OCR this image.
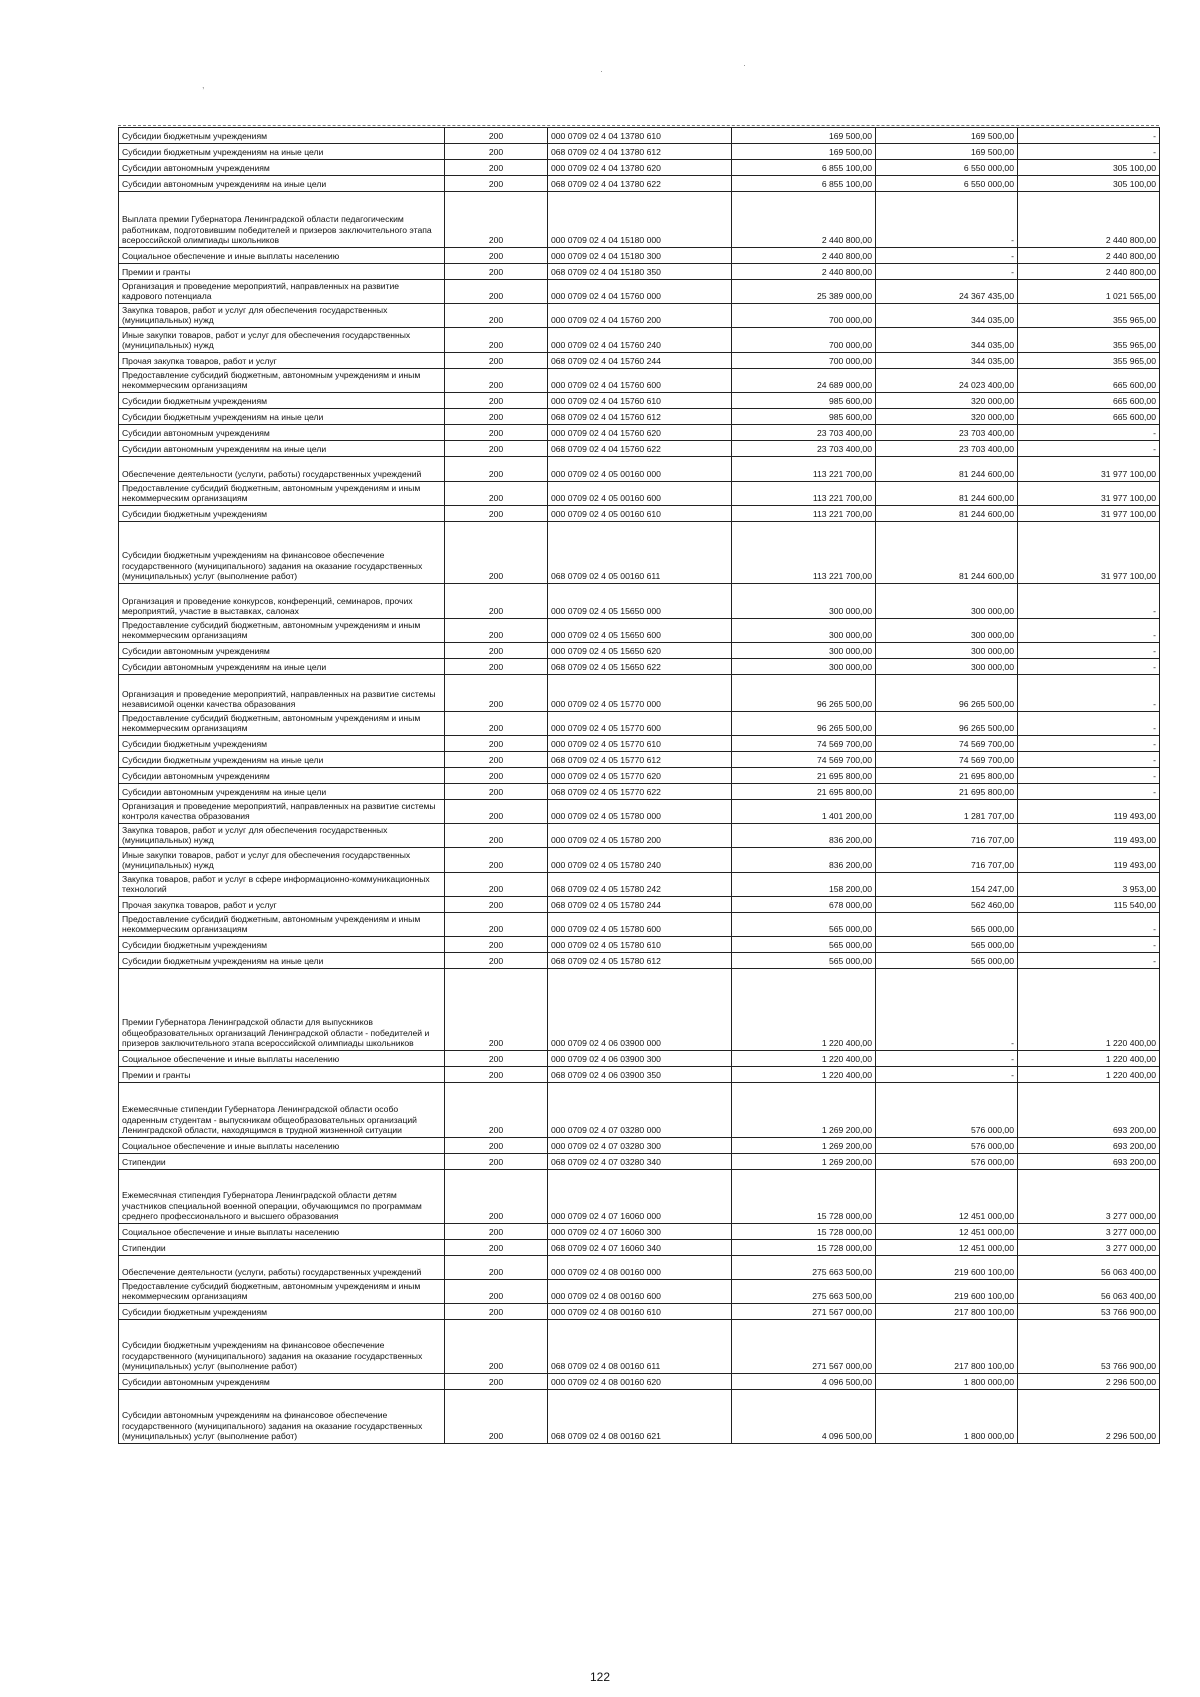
·
·
,
Субсидии бюджетным учреждениям	200	000 0709 02 4 04 13780 610	169 500,00	169 500,00	-
Субсидии бюджетным учреждениям на иные цели	200	068 0709 02 4 04 13780 612	169 500,00	169 500,00	-
Субсидии автономным учреждениям	200	000 0709 02 4 04 13780 620	6 855 100,00	6 550 000,00	305 100,00
Субсидии автономным учреждениям на иные цели	200	068 0709 02 4 04 13780 622	6 855 100,00	6 550 000,00	305 100,00
Выплата премии Губернатора Ленинградской области педагогическим работникам, подготовившим победителей и призеров заключительного этапа всероссийской олимпиады школьников	200	000 0709 02 4 04 15180 000	2 440 800,00	-	2 440 800,00
Социальное обеспечение и иные выплаты населению	200	000 0709 02 4 04 15180 300	2 440 800,00	-	2 440 800,00
Премии и гранты	200	068 0709 02 4 04 15180 350	2 440 800,00	-	2 440 800,00
Организация и проведение мероприятий, направленных на развитие кадрового потенциала	200	000 0709 02 4 04 15760 000	25 389 000,00	24 367 435,00	1 021 565,00
Закупка товаров, работ и услуг для обеспечения государственных (муниципальных) нужд	200	000 0709 02 4 04 15760 200	700 000,00	344 035,00	355 965,00
Иные закупки товаров, работ и услуг для обеспечения государственных (муниципальных) нужд	200	000 0709 02 4 04 15760 240	700 000,00	344 035,00	355 965,00
Прочая закупка товаров, работ и услуг	200	068 0709 02 4 04 15760 244	700 000,00	344 035,00	355 965,00
Предоставление субсидий бюджетным, автономным учреждениям и иным некоммерческим организациям	200	000 0709 02 4 04 15760 600	24 689 000,00	24 023 400,00	665 600,00
Субсидии бюджетным учреждениям	200	000 0709 02 4 04 15760 610	985 600,00	320 000,00	665 600,00
Субсидии бюджетным учреждениям на иные цели	200	068 0709 02 4 04 15760 612	985 600,00	320 000,00	665 600,00
Субсидии автономным учреждениям	200	000 0709 02 4 04 15760 620	23 703 400,00	23 703 400,00	-
Субсидии автономным учреждениям на иные цели	200	068 0709 02 4 04 15760 622	23 703 400,00	23 703 400,00	-
Обеспечение деятельности (услуги, работы) государственных учреждений	200	000 0709 02 4 05 00160 000	113 221 700,00	81 244 600,00	31 977 100,00
Предоставление субсидий бюджетным, автономным учреждениям и иным некоммерческим организациям	200	000 0709 02 4 05 00160 600	113 221 700,00	81 244 600,00	31 977 100,00
Субсидии бюджетным учреждениям	200	000 0709 02 4 05 00160 610	113 221 700,00	81 244 600,00	31 977 100,00
Субсидии бюджетным учреждениям на финансовое обеспечение государственного (муниципального) задания на оказание государственных (муниципальных) услуг (выполнение работ)	200	068 0709 02 4 05 00160 611	113 221 700,00	81 244 600,00	31 977 100,00
Организация и проведение конкурсов, конференций, семинаров, прочих мероприятий, участие в выставках, салонах	200	000 0709 02 4 05 15650 000	300 000,00	300 000,00	-
Предоставление субсидий бюджетным, автономным учреждениям и иным некоммерческим организациям	200	000 0709 02 4 05 15650 600	300 000,00	300 000,00	-
Субсидии автономным учреждениям	200	000 0709 02 4 05 15650 620	300 000,00	300 000,00	-
Субсидии автономным учреждениям на иные цели	200	068 0709 02 4 05 15650 622	300 000,00	300 000,00	-
Организация и проведение мероприятий, направленных на развитие системы независимой оценки качества образования	200	000 0709 02 4 05 15770 000	96 265 500,00	96 265 500,00	-
Предоставление субсидий бюджетным, автономным учреждениям и иным некоммерческим организациям	200	000 0709 02 4 05 15770 600	96 265 500,00	96 265 500,00	-
Субсидии бюджетным учреждениям	200	000 0709 02 4 05 15770 610	74 569 700,00	74 569 700,00	-
Субсидии бюджетным учреждениям на иные цели	200	068 0709 02 4 05 15770 612	74 569 700,00	74 569 700,00	-
Субсидии автономным учреждениям	200	000 0709 02 4 05 15770 620	21 695 800,00	21 695 800,00	-
Субсидии автономным учреждениям на иные цели	200	068 0709 02 4 05 15770 622	21 695 800,00	21 695 800,00	-
Организация и проведение мероприятий, направленных на развитие системы контроля качества образования	200	000 0709 02 4 05 15780 000	1 401 200,00	1 281 707,00	119 493,00
Закупка товаров, работ и услуг для обеспечения государственных (муниципальных) нужд	200	000 0709 02 4 05 15780 200	836 200,00	716 707,00	119 493,00
Иные закупки товаров, работ и услуг для обеспечения государственных (муниципальных) нужд	200	000 0709 02 4 05 15780 240	836 200,00	716 707,00	119 493,00
Закупка товаров, работ и услуг в сфере информационно-коммуникационных технологий	200	068 0709 02 4 05 15780 242	158 200,00	154 247,00	3 953,00
Прочая закупка товаров, работ и услуг	200	068 0709 02 4 05 15780 244	678 000,00	562 460,00	115 540,00
Предоставление субсидий бюджетным, автономным учреждениям и иным некоммерческим организациям	200	000 0709 02 4 05 15780 600	565 000,00	565 000,00	-
Субсидии бюджетным учреждениям	200	000 0709 02 4 05 15780 610	565 000,00	565 000,00	-
Субсидии бюджетным учреждениям на иные цели	200	068 0709 02 4 05 15780 612	565 000,00	565 000,00	-
Премии Губернатора Ленинградской области для выпускников общеобразовательных организаций Ленинградской области - победителей и призеров заключительного этапа всероссийской олимпиады школьников	200	000 0709 02 4 06 03900 000	1 220 400,00	-	1 220 400,00
Социальное обеспечение и иные выплаты населению	200	000 0709 02 4 06 03900 300	1 220 400,00	-	1 220 400,00
Премии и гранты	200	068 0709 02 4 06 03900 350	1 220 400,00	-	1 220 400,00
Ежемесячные стипендии Губернатора Ленинградской области особо одаренным студентам - выпускникам общеобразовательных организаций Ленинградской области, находящимся в трудной жизненной ситуации	200	000 0709 02 4 07 03280 000	1 269 200,00	576 000,00	693 200,00
Социальное обеспечение и иные выплаты населению	200	000 0709 02 4 07 03280 300	1 269 200,00	576 000,00	693 200,00
Стипендии	200	068 0709 02 4 07 03280 340	1 269 200,00	576 000,00	693 200,00
Ежемесячная стипендия Губернатора Ленинградской области детям участников специальной военной операции, обучающимся по программам среднего профессионального и высшего образования	200	000 0709 02 4 07 16060 000	15 728 000,00	12 451 000,00	3 277 000,00
Социальное обеспечение и иные выплаты населению	200	000 0709 02 4 07 16060 300	15 728 000,00	12 451 000,00	3 277 000,00
Стипендии	200	068 0709 02 4 07 16060 340	15 728 000,00	12 451 000,00	3 277 000,00
Обеспечение деятельности (услуги, работы) государственных учреждений	200	000 0709 02 4 08 00160 000	275 663 500,00	219 600 100,00	56 063 400,00
Предоставление субсидий бюджетным, автономным учреждениям и иным некоммерческим организациям	200	000 0709 02 4 08 00160 600	275 663 500,00	219 600 100,00	56 063 400,00
Субсидии бюджетным учреждениям	200	000 0709 02 4 08 00160 610	271 567 000,00	217 800 100,00	53 766 900,00
Субсидии бюджетным учреждениям на финансовое обеспечение государственного (муниципального) задания на оказание государственных (муниципальных) услуг (выполнение работ)	200	068 0709 02 4 08 00160 611	271 567 000,00	217 800 100,00	53 766 900,00
Субсидии автономным учреждениям	200	000 0709 02 4 08 00160 620	4 096 500,00	1 800 000,00	2 296 500,00
Субсидии автономным учреждениям на финансовое обеспечение государственного (муниципального) задания на оказание государственных (муниципальных) услуг (выполнение работ)	200	068 0709 02 4 08 00160 621	4 096 500,00	1 800 000,00	2 296 500,00
122
